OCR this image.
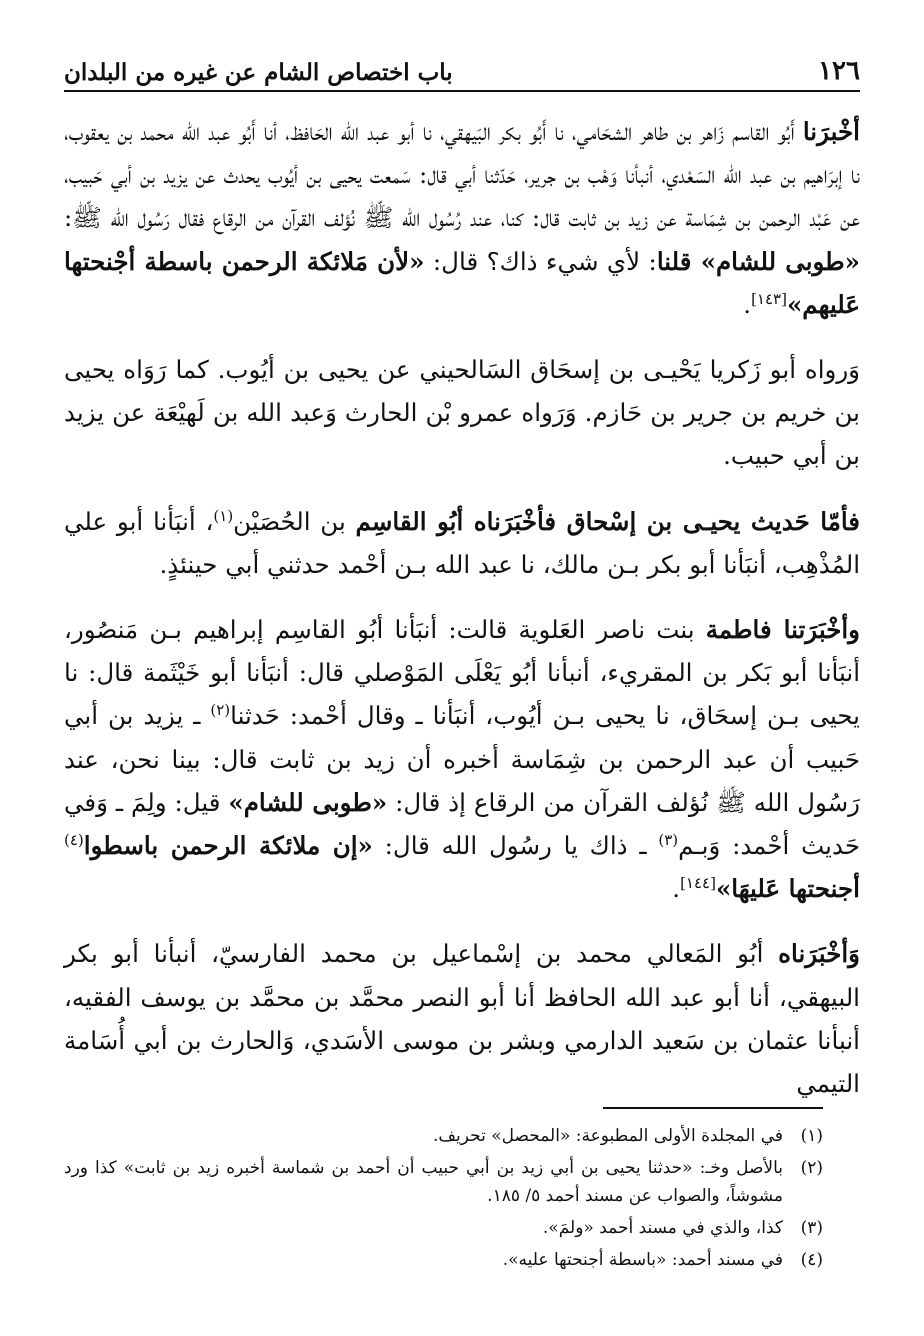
١٢٦
باب اختصاص الشام عن غيره من البلدان

أخْبرَنا أَبُو القاسم زَاهر بن طاهر الشحَامي، نا أَبُو بكر البَيهقي، نا أبو عبد الله الحَافظ، أنا أَبُو عبد الله محمد بن يعقوب، نا إبرَاهيم بن عبد الله السَعْدي، أنبأنا وَهْب بن جرير، حَدّثنا أبي قال: سَمعت يحيى بن أيُوب يحدث عن يزيد بن أبي حَبيب، عن عَبْد الرحمن بن شِمَاسة عن زيد بن ثابت قال: كنا، عند رُسُول الله ﷺ نُؤلف القرآن من الرقاع فقال رَسُول الله ﷺ: «طوبى للشام» قلنا: لأي شيء ذاك؟ قال: «لأن مَلائكة الرحمن باسطة أجْنحتها عَليهم»[١٤٣].

وَرواه أبو زَكريا يَحْيـى بن إسحَاق السَالحيني عن يحيى بن أيُوب. كما رَوَاه يحيى بن خريم بن جرير بن حَازم. وَرَواه عمرو بْن الحارث وَعبد الله بن لَهيْعَة عن يزيد بن أبي حبيب.

فأمّا حَديث يحيـى بن إسْحاق فأخْبَرَناه أبُو القاسِم بن الحُصَيْن$^{(١)}$، أنبَأنا أبو علي المُذْهِب، أنبَأنا أبو بكر بـن مالك، نا عبد الله بـن أحْمد حدثني أبي حينئذٍ.

وأخْبَرَتنا فاطمة بنت ناصر العَلوية قالت: أنبَأنا أبُو القاسِم إبراهيم بـن مَنصُور، أنبَأنا أبو بَكر بن المقريء، أنبأنا أبُو يَعْلَى المَوْصلي قال: أنبَأنا أبو خَيْثَمة قال: نا يحيى بـن إسحَاق، نا يحيى بـن أيُوب، أنبَأنا ـ وقال أحْمد: حَدثنا$^{(٢)}$ ـ يزيد بن أبي حَبيب أن عبد الرحمن بن شِمَاسة أخبره أن زيد بن ثابت قال: بينا نحن، عند رَسُول الله ﷺ نُؤلف القرآن من الرقاع إذ قال: «طوبى للشام» قيل: ولِمَ ـ وَفي حَديث أحْمد: وَبـم$^{(٣)}$ ـ ذاك يا رسُول الله قال: «إن ملائكة الرحمن باسطوا$^{(٤)}$ أجنحتها عَليهَا»[١٤٤].

وَأخْبَرَناه أبُو المَعالي محمد بن إسْماعيل بن محمد الفارسيّ، أنبأنا أبو بكر البيهقي، أنا أبو عبد الله الحافظ أنا أبو النصر محمَّد بن محمَّد بن يوسف الفقيه، أنبأنا عثمان بن سَعيد الدارمي وبشر بن موسى الأسَدي، وَالحارث بن أبي أُسَامة التيمي

(١)
في المجلدة الأولى المطبوعة: «المحصل» تحريف.
(٢)
بالأصل وخـ: «حدثنا يحيى بن أبي زيد بن أبي حبيب أن أحمد بن شماسة أخبره زيد بن ثابت» كذا ورد مشوشاً، والصواب عن مسند أحمد ٥/ ١٨٥.
(٣)
كذا، والذي في مسند أحمد «ولمَ».
(٤)
في مسند أحمد: «باسطة أجنحتها عليه».
